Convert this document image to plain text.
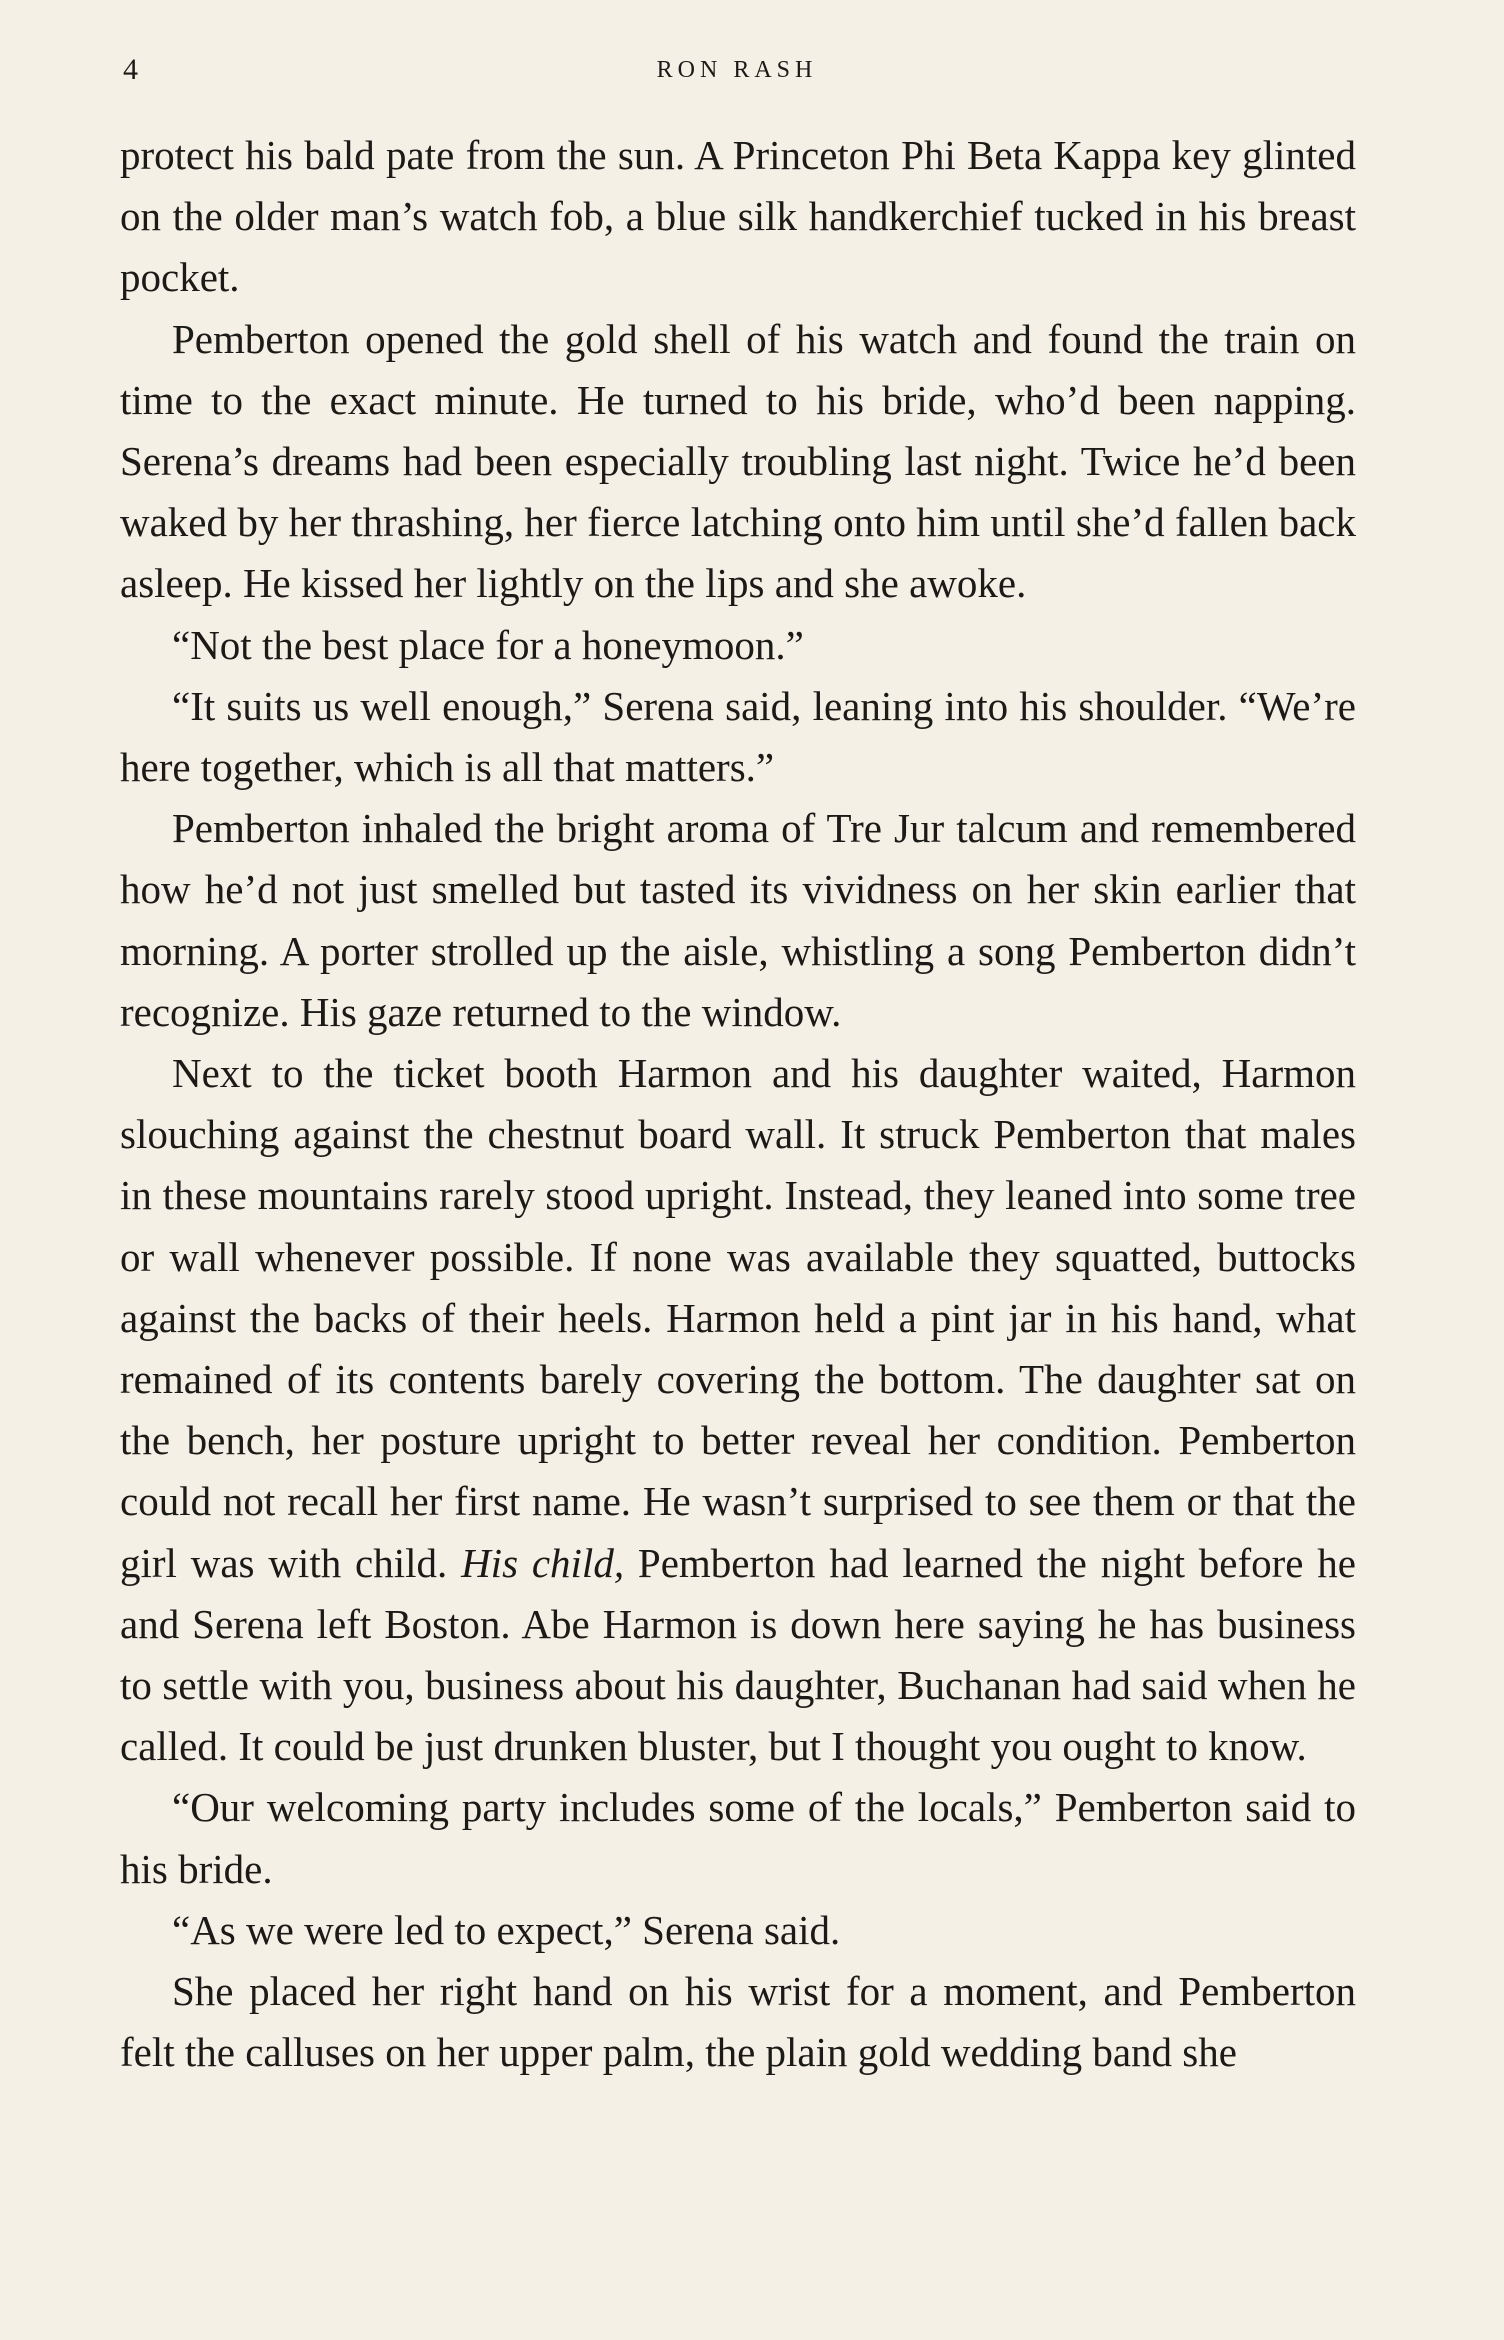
4	RON RASH

protect his bald pate from the sun. A Princeton Phi Beta Kappa key glinted on the older man’s watch fob, a blue silk handkerchief tucked in his breast pocket.

Pemberton opened the gold shell of his watch and found the train on time to the exact minute. He turned to his bride, who’d been napping. Serena’s dreams had been especially troubling last night. Twice he’d been waked by her thrashing, her fierce latching onto him until she’d fallen back asleep. He kissed her lightly on the lips and she awoke.

“Not the best place for a honeymoon.”

“It suits us well enough,” Serena said, leaning into his shoulder. “We’re here together, which is all that matters.”

Pemberton inhaled the bright aroma of Tre Jur talcum and remembered how he’d not just smelled but tasted its vividness on her skin earlier that morning. A porter strolled up the aisle, whistling a song Pemberton didn’t recognize. His gaze returned to the window.

Next to the ticket booth Harmon and his daughter waited, Harmon slouching against the chestnut board wall. It struck Pemberton that males in these mountains rarely stood upright. Instead, they leaned into some tree or wall whenever possible. If none was available they squatted, buttocks against the backs of their heels. Harmon held a pint jar in his hand, what remained of its contents barely covering the bottom. The daughter sat on the bench, her posture upright to better reveal her condition. Pemberton could not recall her first name. He wasn’t surprised to see them or that the girl was with child. His child, Pemberton had learned the night before he and Serena left Boston. Abe Harmon is down here saying he has business to settle with you, business about his daughter, Buchanan had said when he called. It could be just drunken bluster, but I thought you ought to know.

“Our welcoming party includes some of the locals,” Pemberton said to his bride.

“As we were led to expect,” Serena said.

She placed her right hand on his wrist for a moment, and Pemberton felt the calluses on her upper palm, the plain gold wedding band she
